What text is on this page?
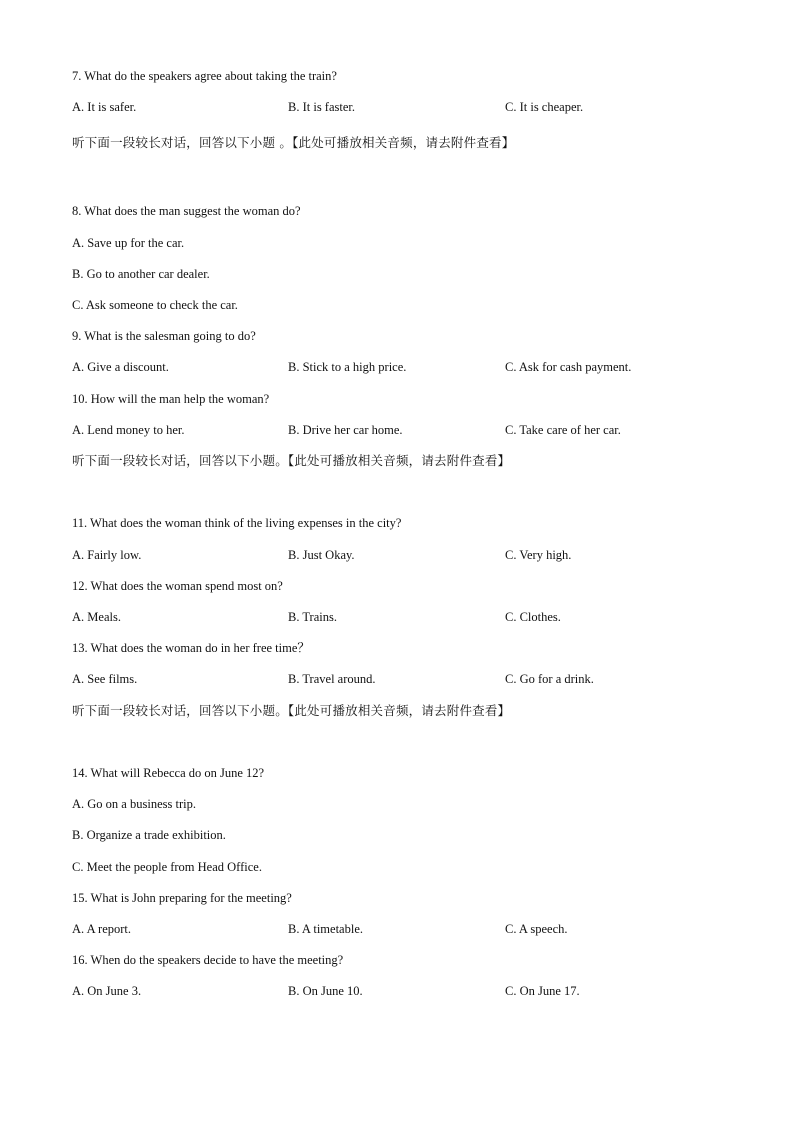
7. What do the speakers agree about taking the train?
A. It is safer.	B. It is faster.	C. It is cheaper.
听下面一段较长对话，回答以下小题 。【此处可播放相关音频，请去附件查看】
8. What does the man suggest the woman do?
A. Save up for the car.
B. Go to another car dealer.
C. Ask someone to check the car.
9. What is the salesman going to do?
A. Give a discount.	B. Stick to a high price.	C. Ask for cash payment.
10. How will the man help the woman?
A. Lend money to her.	B. Drive her car home.	C. Take care of her car.
听下面一段较长对话，回答以下小题。【此处可播放相关音频，请去附件查看】
11. What does the woman think of the living expenses in the city?
A. Fairly low.	B. Just Okay.	C. Very high.
12. What does the woman spend most on?
A. Meals.	B. Trains.	C. Clothes.
13. What does the woman do in her free time？
A. See films.	B. Travel around.	C. Go for a drink.
听下面一段较长对话，回答以下小题。【此处可播放相关音频，请去附件查看】
14. What will Rebecca do on June 12?
A. Go on a business trip.
B. Organize a trade exhibition.
C. Meet the people from Head Office.
15. What is John preparing for the meeting?
A. A report.	B. A timetable.	C. A speech.
16. When do the speakers decide to have the meeting?
A. On June 3.	B. On June 10.	C. On June 17.
